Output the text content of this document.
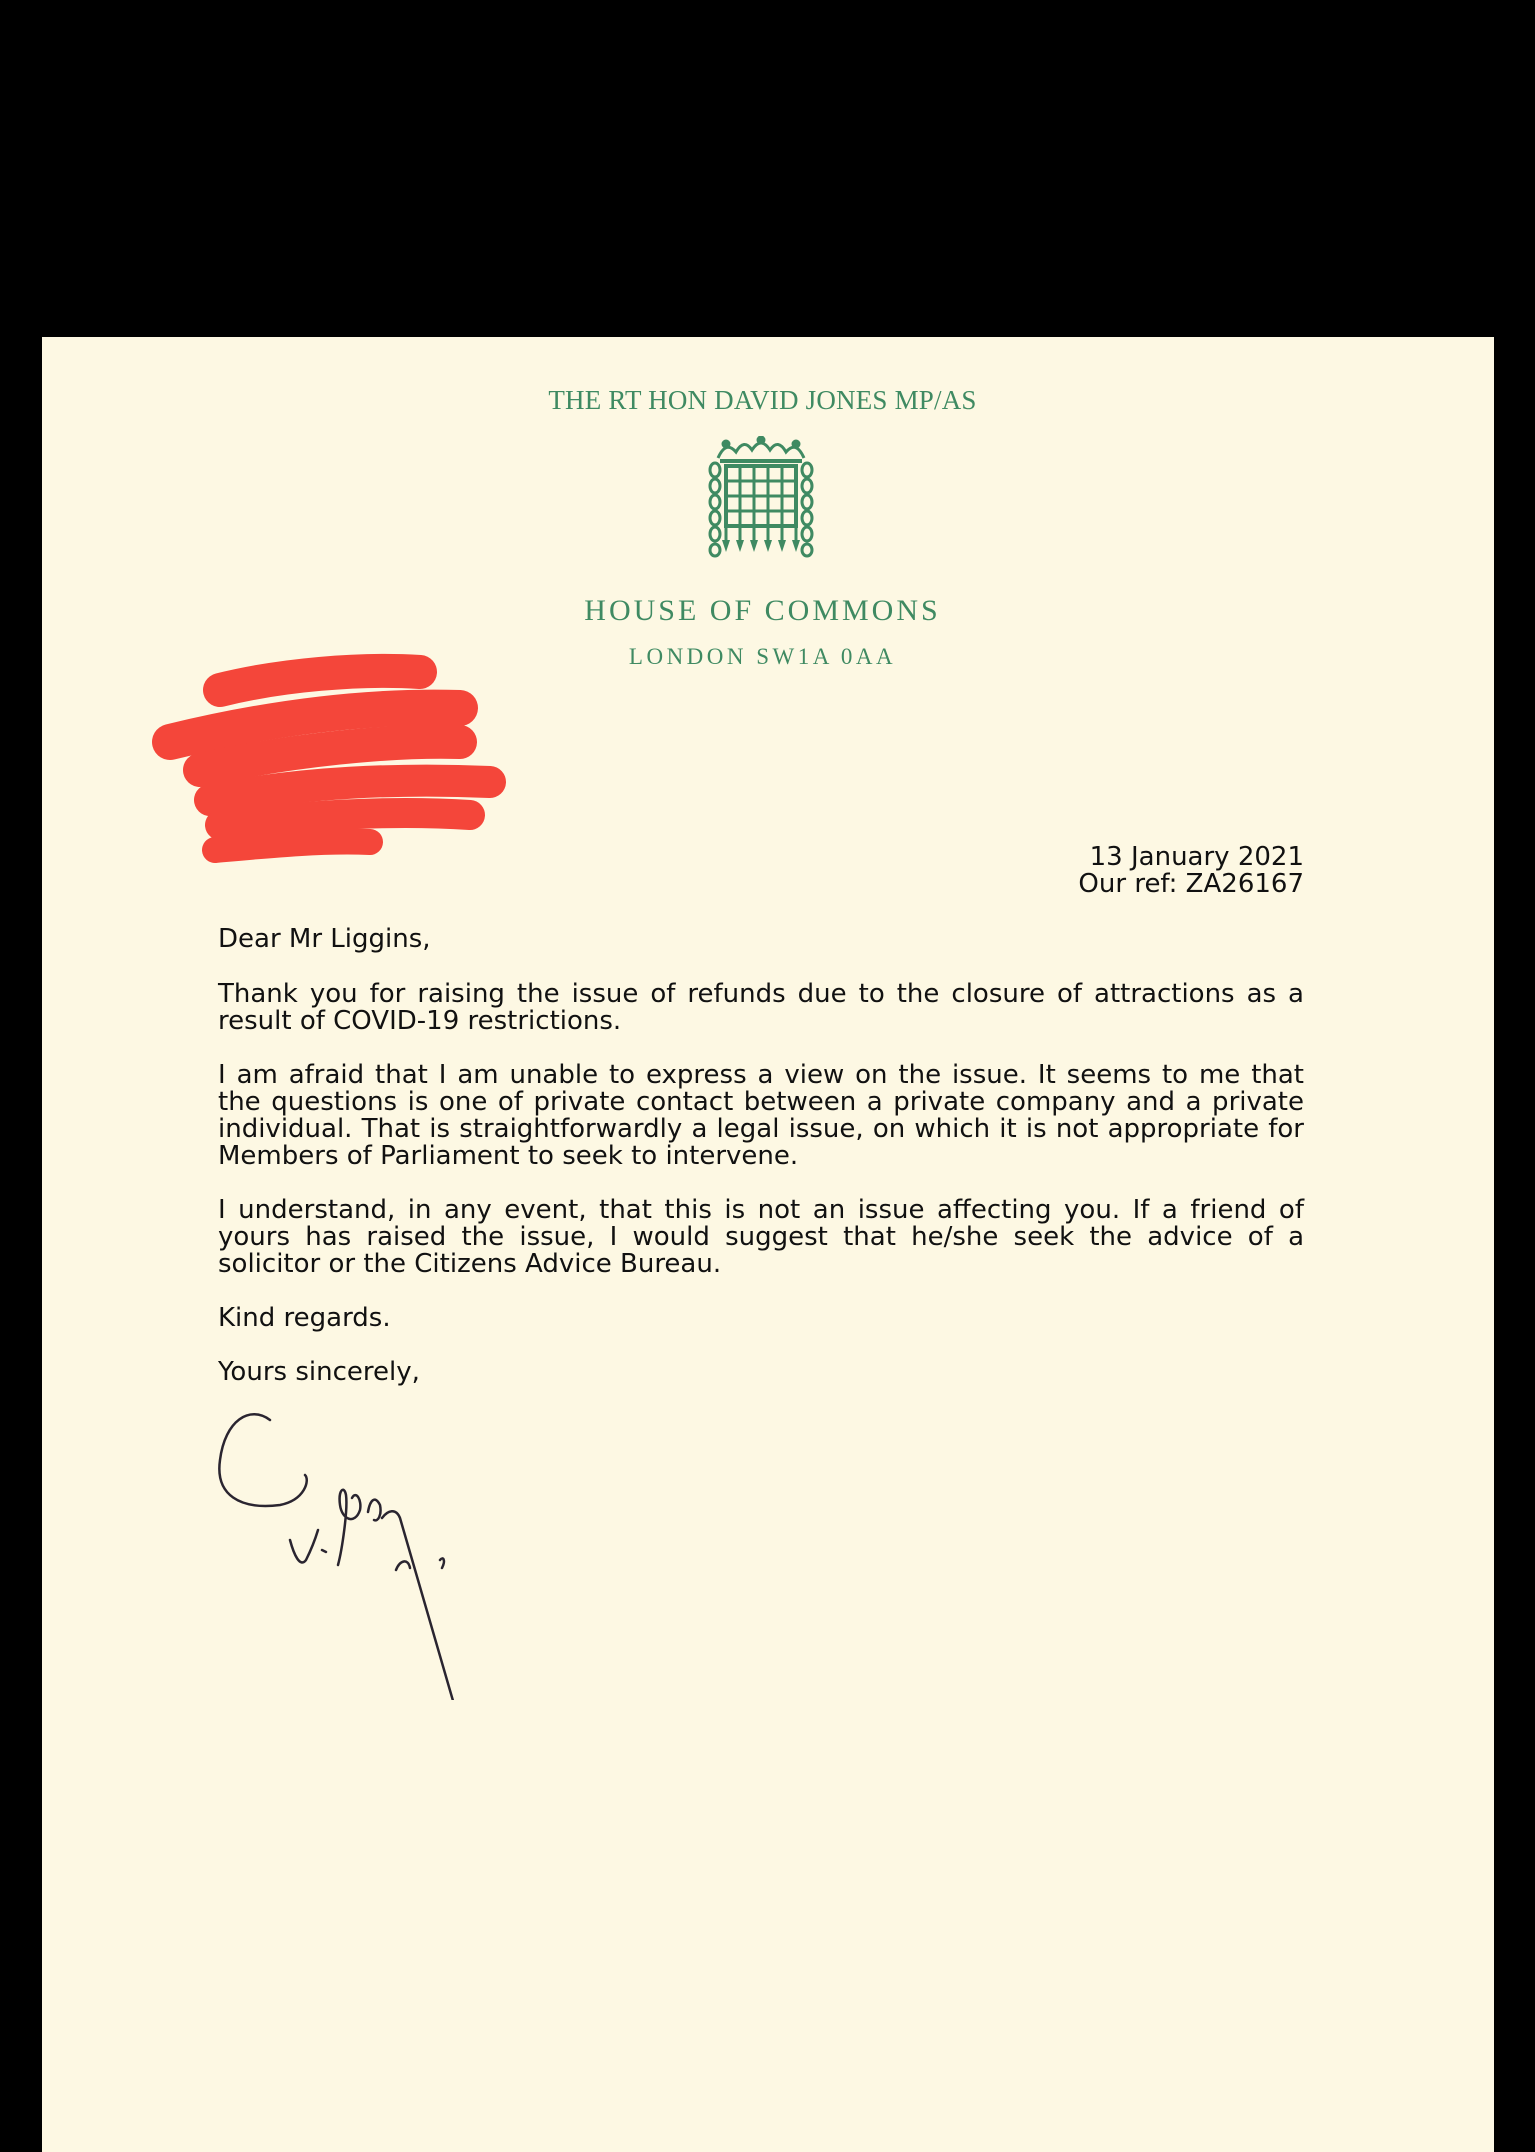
THE RT HON DAVID JONES MP/AS
HOUSE OF COMMONS
LONDON SW1A 0AA
13 January 2021
Our ref: ZA26167

Dear Mr Liggins,

Thank you for raising the issue of refunds due to the closure of attractions as a result of COVID-19 restrictions.

I am afraid that I am unable to express a view on the issue. It seems to me that the questions is one of private contact between a private company and a private individual. That is straightforwardly a legal issue, on which it is not appropriate for Members of Parliament to seek to intervene.

I understand, in any event, that this is not an issue affecting you. If a friend of yours has raised the issue, I would suggest that he/she seek the advice of a solicitor or the Citizens Advice Bureau.

Kind regards.

Yours sincerely,
